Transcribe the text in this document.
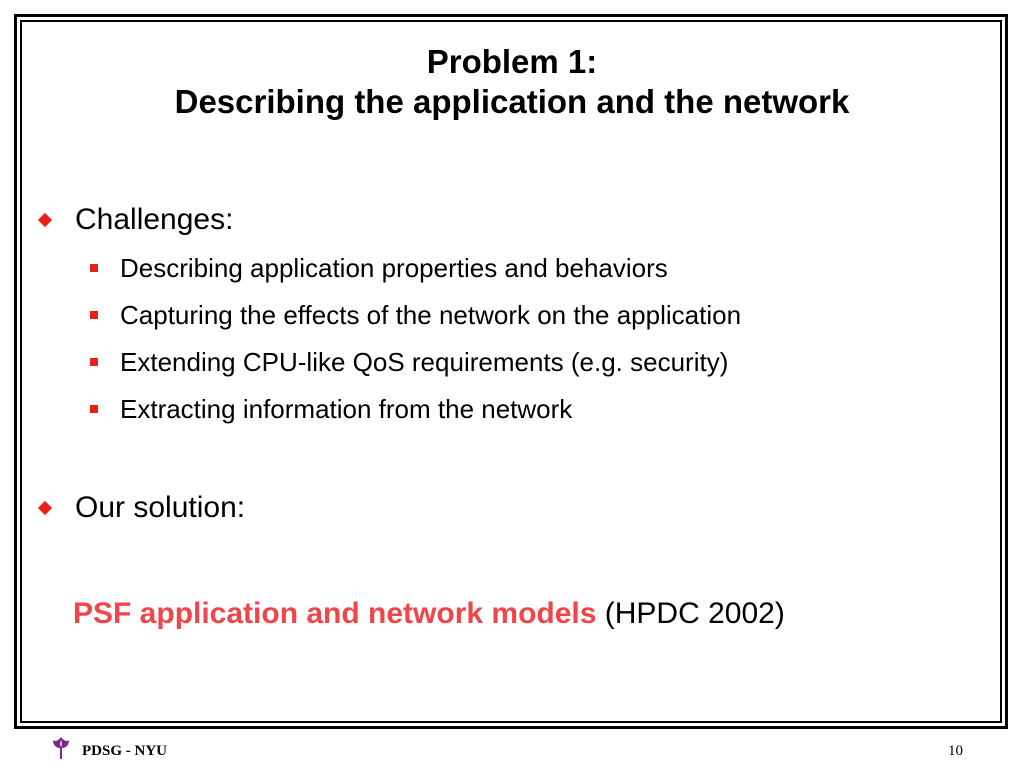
Problem 1:
Describing the application and the network
Challenges:
Describing application properties and behaviors
Capturing the effects of the network on the application
Extending CPU-like QoS requirements (e.g. security)
Extracting information from the network
Our solution:
PSF application and network models (HPDC 2002)
PDSG - NYU	10
